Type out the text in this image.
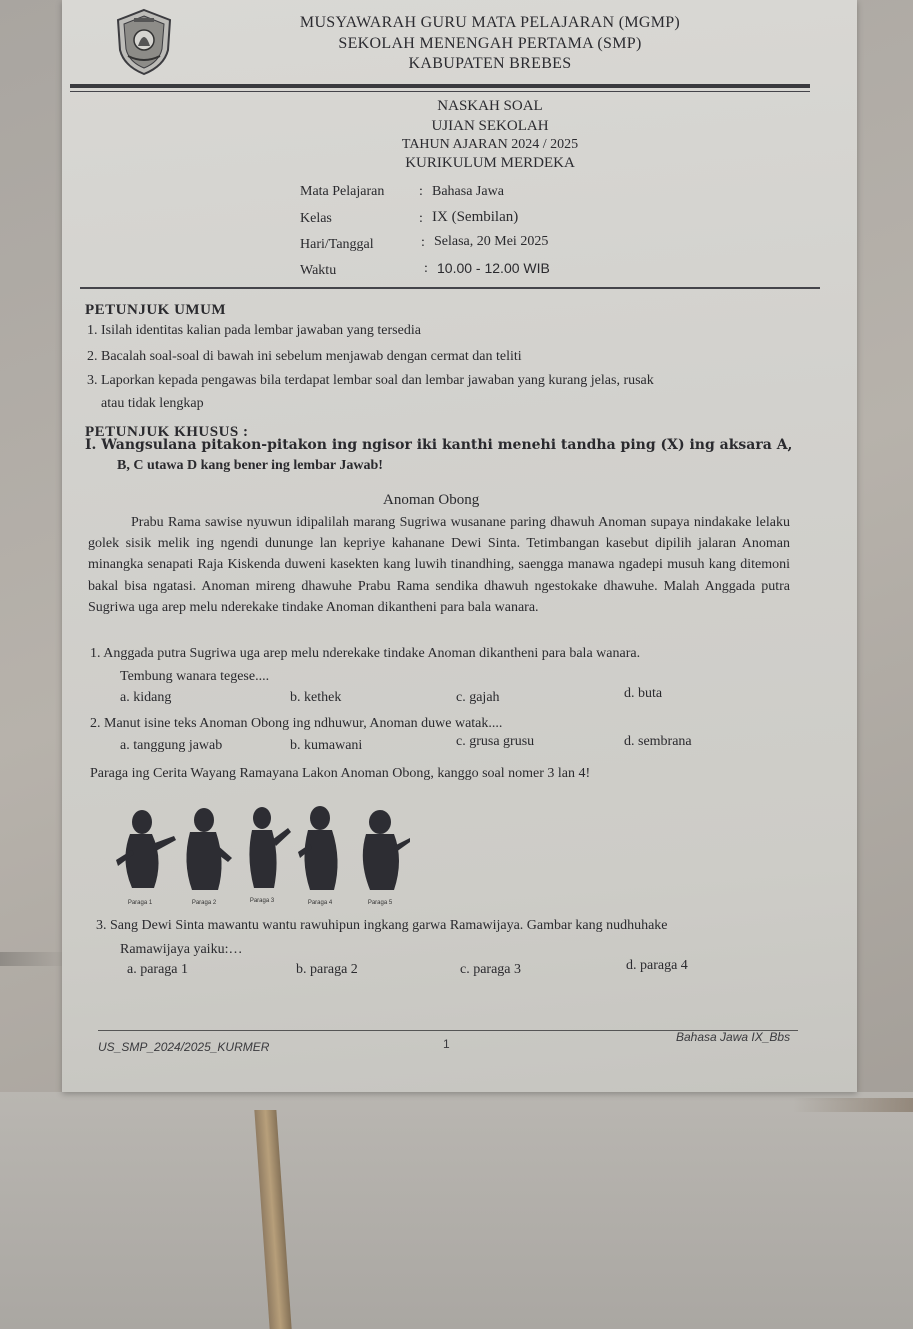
MUSYAWARAH GURU MATA PELAJARAN (MGMP)
SEKOLAH MENENGAH PERTAMA (SMP)
KABUPATEN BREBES
NASKAH SOAL
UJIAN SEKOLAH
TAHUN AJARAN 2024 / 2025
KURIKULUM MERDEKA
Mata Pelajaran : Bahasa Jawa
Kelas	: IX (Sembilan)
Hari/Tanggal	: Selasa, 20 Mei 2025
Waktu	: 10.00 - 12.00 WIB
PETUNJUK UMUM
1. Isilah identitas kalian pada lembar jawaban yang tersedia
2. Bacalah soal-soal di bawah ini sebelum menjawab dengan cermat dan teliti
3. Laporkan kepada pengawas bila terdapat lembar soal dan lembar jawaban yang kurang jelas, rusak
atau tidak lengkap
PETUNJUK KHUSUS :
I. Wangsulana pitakon-pitakon ing ngisor iki kanthi menehi tandha ping (X) ing aksara A,
B, C utawa D kang bener ing lembar Jawab!
Anoman Obong
Prabu Rama sawise nyuwun idipalilah marang Sugriwa wusanane paring dhawuh Anoman supaya nindakake lelaku golek sisik melik ing ngendi dununge lan kepriye kahanane Dewi Sinta. Tetimbangan kasebut dipilih jalaran Anoman minangka senapati Raja Kiskenda duweni kasekten kang luwih tinandhing, saengga manawa ngadepi musuh kang ditemoni bakal bisa ngatasi. Anoman mireng dhawuhe Prabu Rama sendika dhawuh ngestokake dhawuhe. Malah Anggada putra Sugriwa uga arep melu nderekake tindake Anoman dikantheni para bala wanara.
1. Anggada putra Sugriwa uga arep melu nderekake tindake Anoman dikantheni para bala wanara.
Tembung wanara tegese....
a. kidang	b. kethek	c. gajah	d. buta
2. Manut isine teks Anoman Obong ing ndhuwur, Anoman duwe watak....
a. tanggung jawab	b. kumawani	c. grusa grusu	d. sembrana
Paraga ing Cerita Wayang Ramayana Lakon Anoman Obong, kanggo soal nomer 3 lan 4!
Paraga 1	Paraga 2	Paraga 3	Paraga 4	Paraga 5
3. Sang Dewi Sinta mawantu wantu rawuhipun ingkang garwa Ramawijaya. Gambar kang nudhuhake
Ramawijaya yaiku:…
a. paraga 1	b. paraga 2	c. paraga 3	d. paraga 4
US_SMP_2024/2025_KURMER	1	Bahasa Jawa IX_Bbs
